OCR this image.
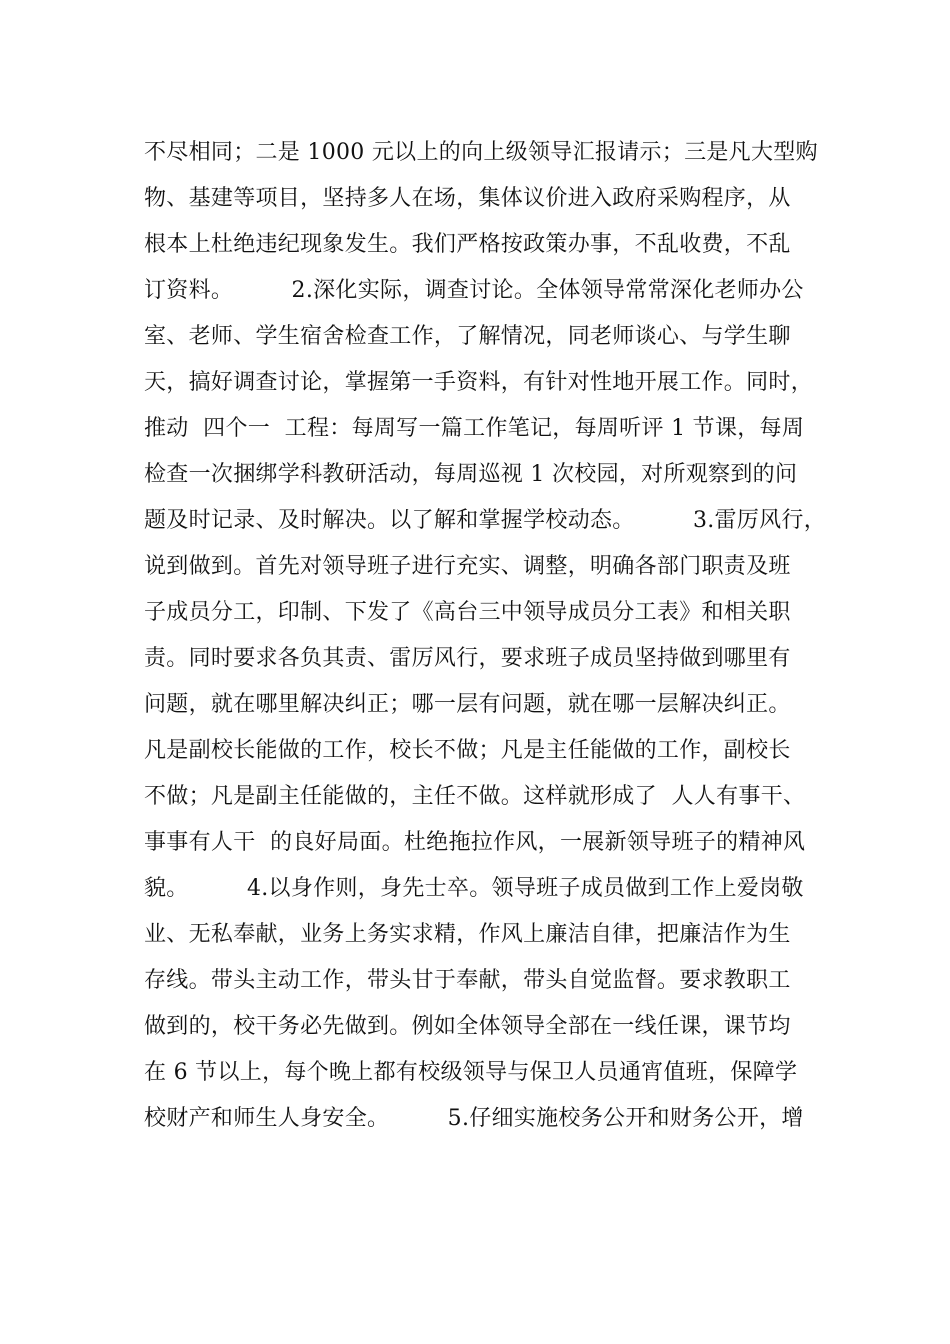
不尽相同；二是 1000 元以上的向上级领导汇报请示；三是凡大型购
物、基建等项目，坚持多人在场，集体议价进入政府采购程序，从
根本上杜绝违纪现象发生。我们严格按政策办事，不乱收费，不乱
订资料。        2.深化实际，调查讨论。全体领导常常深化老师办公
室、老师、学生宿舍检查工作，了解情况，同老师谈心、与学生聊
天，搞好调查讨论，掌握第一手资料，有针对性地开展工作。同时，
推动  四个一  工程：每周写一篇工作笔记，每周听评 1 节课，每周
检查一次捆绑学科教研活动，每周巡视 1 次校园，对所观察到的问
题及时记录、及时解决。以了解和掌握学校动态。        3.雷厉风行，
说到做到。首先对领导班子进行充实、调整，明确各部门职责及班
子成员分工，印制、下发了《高台三中领导成员分工表》和相关职
责。同时要求各负其责、雷厉风行，要求班子成员坚持做到哪里有
问题，就在哪里解决纠正；哪一层有问题，就在哪一层解决纠正。
凡是副校长能做的工作，校长不做；凡是主任能做的工作，副校长
不做；凡是副主任能做的，主任不做。这样就形成了  人人有事干、
事事有人干  的良好局面。杜绝拖拉作风，一展新领导班子的精神风
貌。        4.以身作则，身先士卒。领导班子成员做到工作上爱岗敬
业、无私奉献，业务上务实求精，作风上廉洁自律，把廉洁作为生
存线。带头主动工作，带头甘于奉献，带头自觉监督。要求教职工
做到的，校干务必先做到。例如全体领导全部在一线任课，课节均
在 6 节以上，每个晚上都有校级领导与保卫人员通宵值班，保障学
校财产和师生人身安全。        5.仔细实施校务公开和财务公开，增
